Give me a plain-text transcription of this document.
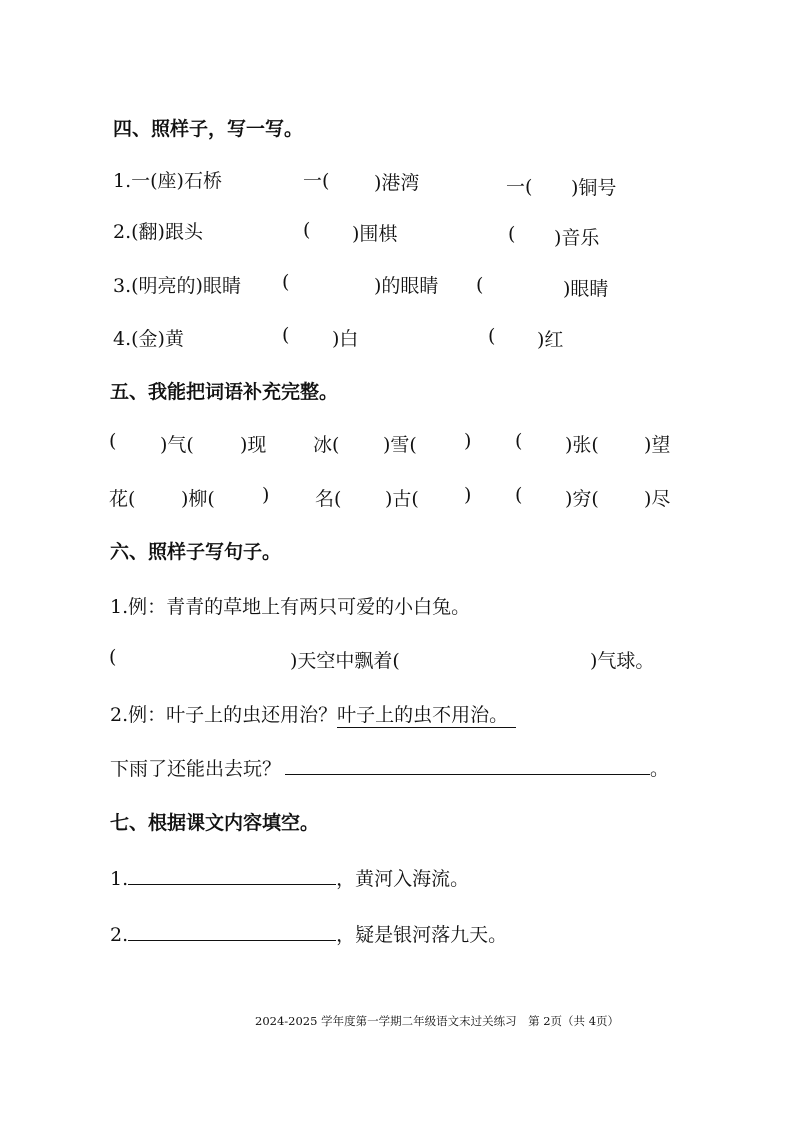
四、照样子，写一写。
1.一(座)石桥	一( )港湾	一( )铜号
2.(翻)跟头	( )围棋	( )音乐
3.(明亮的)眼睛 (	)的眼睛 (	)眼睛
4.(金)黄	( )白	( )红
五、我能把词语补充完整。
( )气( )现 冰( )雪( ) ( )张( )望
花( )柳( ) 名( )古( ) ( )穷( )尽
六、照样子写句子。
1.例：青青的草地上有两只可爱的小白兔。
(	)天空中飘着(	)气球。
2.例：叶子上的虫还用治？叶子上的虫不用治。
下雨了还能出去玩？	。
七、根据课文内容填空。
1.	，黄河入海流。
2.	，疑是银河落九天。
2024-2025 学年度第一学期二年级语文末过关练习　第 2页（共 4页）
